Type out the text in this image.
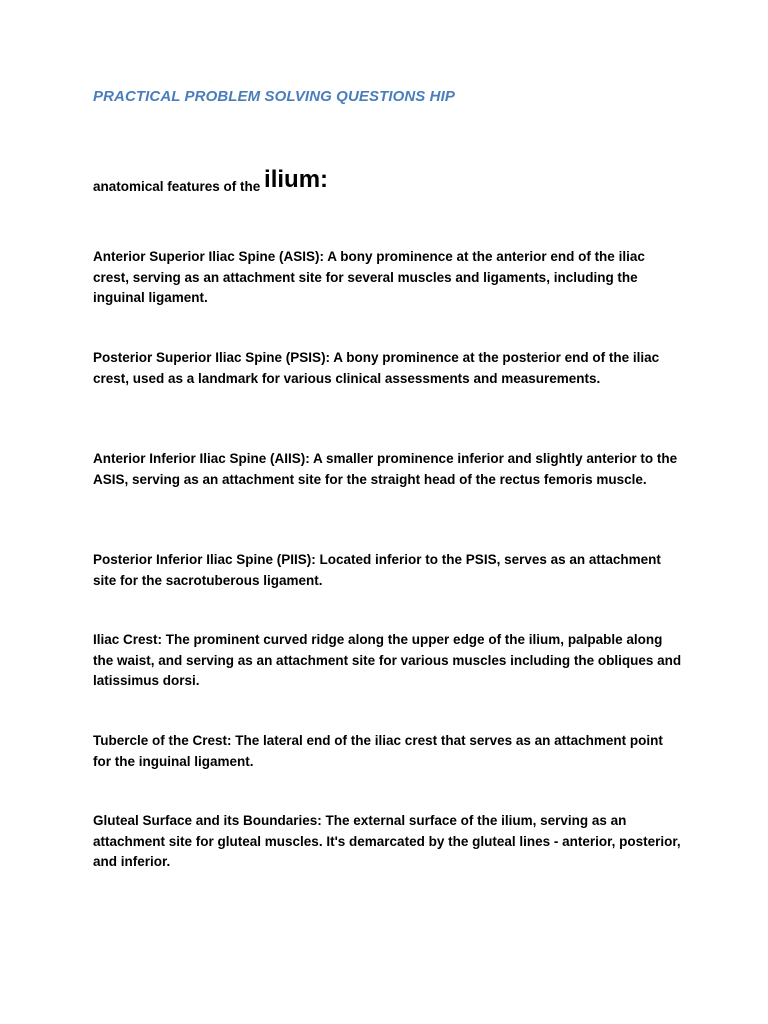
PRACTICAL PROBLEM SOLVING QUESTIONS HIP
anatomical features of the ilium:

Anterior Superior Iliac Spine (ASIS): A bony prominence at the anterior end of the iliac crest, serving as an attachment site for several muscles and ligaments, including the inguinal ligament.

Posterior Superior Iliac Spine (PSIS): A bony prominence at the posterior end of the iliac crest, used as a landmark for various clinical assessments and measurements.

Anterior Inferior Iliac Spine (AIIS): A smaller prominence inferior and slightly anterior to the ASIS, serving as an attachment site for the straight head of the rectus femoris muscle.

Posterior Inferior Iliac Spine (PIIS): Located inferior to the PSIS, serves as an attachment site for the sacrotuberous ligament.

Iliac Crest: The prominent curved ridge along the upper edge of the ilium, palpable along the waist, and serving as an attachment site for various muscles including the obliques and latissimus dorsi.

Tubercle of the Crest: The lateral end of the iliac crest that serves as an attachment point for the inguinal ligament.

Gluteal Surface and its Boundaries: The external surface of the ilium, serving as an attachment site for gluteal muscles. It's demarcated by the gluteal lines - anterior, posterior, and inferior.
